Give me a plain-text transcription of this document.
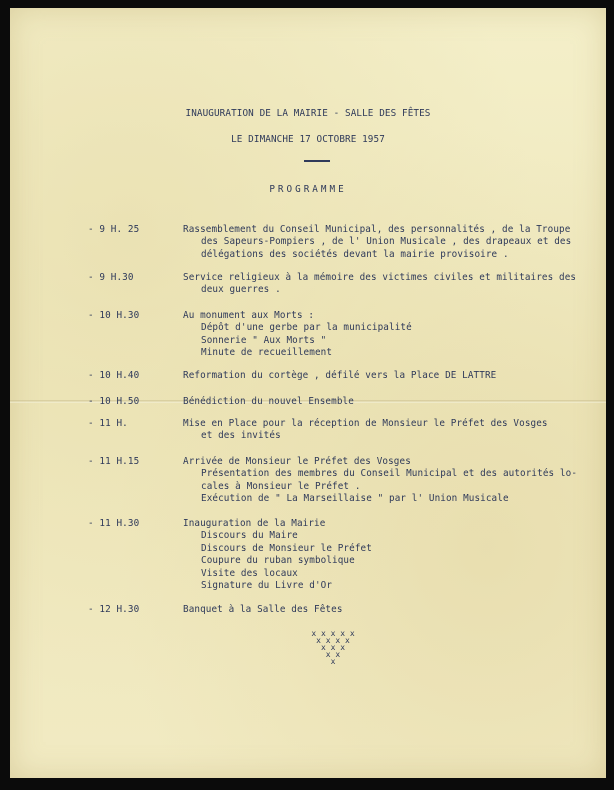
INAUGURATION DE LA MAIRIE - SALLE DES FÊTES
LE DIMANCHE 17 OCTOBRE 1957
PROGRAMME
- 9 H. 25	Rassemblement du Conseil Municipal, des personnalités , de la Troupe
des Sapeurs-Pompiers , de l' Union Musicale , des drapeaux et des
délégations des sociétés devant la mairie provisoire .
- 9 H.30	Service religieux à la mémoire des victimes civiles et militaires des
deux guerres .
- 10 H.30	Au monument aux Morts :
Dépôt d'une gerbe par la municipalité
Sonnerie " Aux Morts "
Minute de recueillement
- 10 H.40	Reformation du cortège , défilé vers la Place DE LATTRE
- 10 H.50	Bénédiction du nouvel Ensemble
- 11 H.	Mise en Place pour la réception de Monsieur le Préfet des Vosges
et des invités
- 11 H.15	Arrivée de Monsieur le Préfet des Vosges
Présentation des membres du Conseil Municipal et des autorités lo-
cales à Monsieur le Préfet .
Exécution de " La Marseillaise " par l' Union Musicale
- 11 H.30	Inauguration de la Mairie
Discours du Maire
Discours de Monsieur le Préfet
Coupure du ruban symbolique
Visite des locaux
Signature du Livre d'Or
- 12 H.30	Banquet à la Salle des Fêtes
x x x x x
x x x x
x x x
x x
x
